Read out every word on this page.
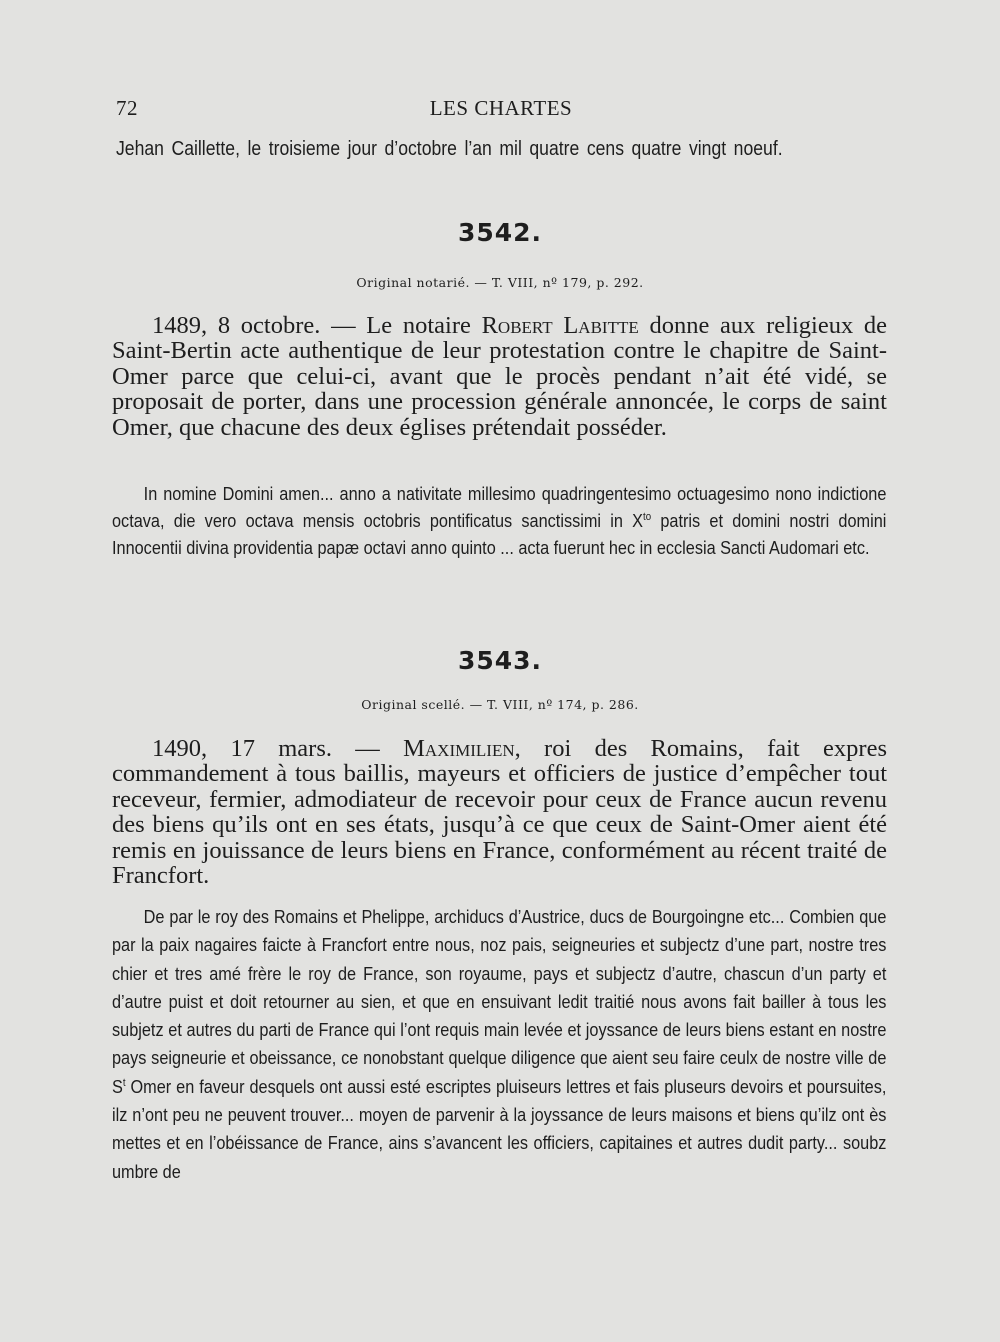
72	LES CHARTES
Jehan Caillette, le troisieme jour d’octobre l’an mil quatre cens quatre vingt noeuf.
3542.
Original notarié. — T. VIII, nº 179, p. 292.

1489, 8 octobre. — Le notaire Robert Labitte donne aux religieux de Saint-Bertin acte authentique de leur protestation contre le chapitre de Saint-Omer parce que celui-ci, avant que le procès pendant n’ait été vidé, se proposait de porter, dans une procession générale annoncée, le corps de saint Omer, que chacune des deux églises prétendait posséder.

In nomine Domini amen... anno a nativitate millesimo quadringentesimo octuagesimo nono indictione octava, die vero octava mensis octobris pontificatus sanctissimi in $X^{to}$ patris et domini nostri domini Innocentii divina providentia papæ octavi anno quinto ... acta fuerunt hec in ecclesia Sancti Audomari etc.

3543.
Original scellé. — T. VIII, nº 174, p. 286.

1490, 17 mars. — Maximilien, roi des Romains, fait expres commandement à tous baillis, mayeurs et officiers de justice d’empêcher tout receveur, fermier, admodiateur de recevoir pour ceux de France aucun revenu des biens qu’ils ont en ses états, jusqu’à ce que ceux de Saint-Omer aient été remis en jouissance de leurs biens en France, conformément au récent traité de Francfort.

De par le roy des Romains et Phelippe, archiducs d’Austrice, ducs de Bourgoingne etc... Combien que par la paix nagaires faicte à Francfort entre nous, noz pais, seigneuries et subjectz d’une part, nostre tres chier et tres amé frère le roy de France, son royaume, pays et subjectz d’autre, chascun d’un party et d’autre puist et doit retourner au sien, et que en ensuivant ledit traitié nous avons fait bailler à tous les subjetz et autres du parti de France qui l’ont requis main levée et joyssance de leurs biens estant en nostre pays seigneurie et obeissance, ce nonobstant quelque diligence que aient seu faire ceulx de nostre ville de $S^t$ Omer en faveur desquels ont aussi esté escriptes pluiseurs lettres et fais pluseurs devoirs et poursuites, ilz n’ont peu ne peuvent trouver... moyen de parvenir à la joyssance de leurs maisons et biens qu’ilz ont ès mettes et en l’obéissance de France, ains s’avancent les officiers, capitaines et autres dudit party... soubz umbre de
